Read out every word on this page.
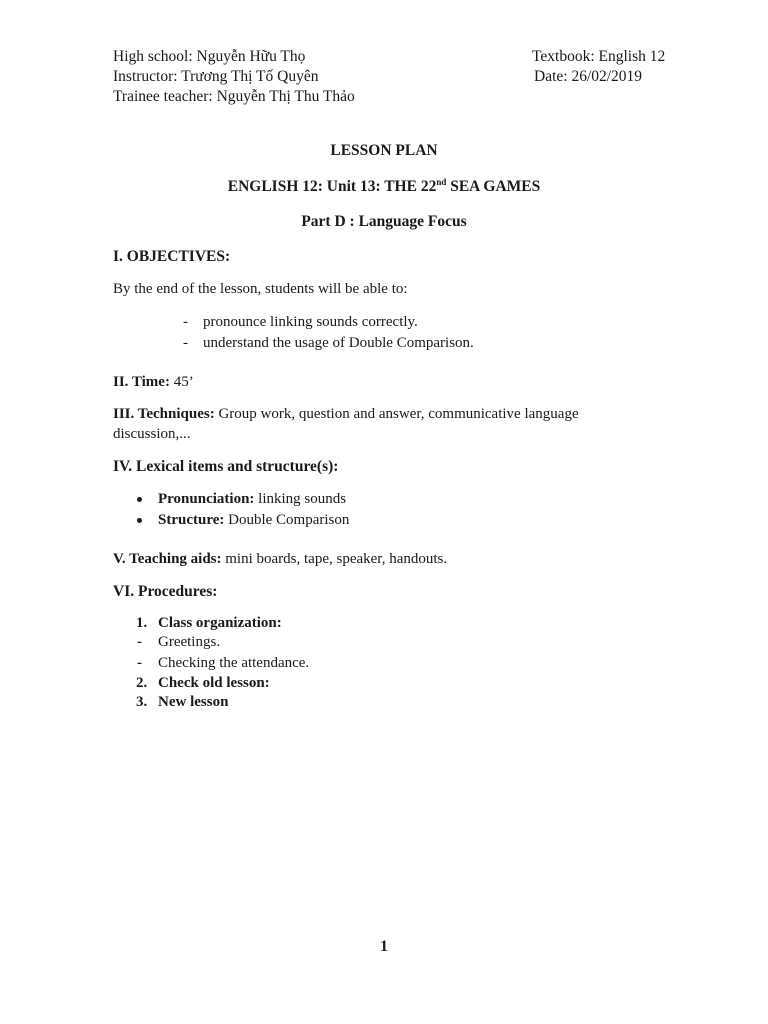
High school: Nguyễn Hữu Thọ	Textbook: English 12
Instructor: Trương Thị Tố Quyên	Date: 26/02/2019
Trainee teacher: Nguyễn Thị Thu Thảo
LESSON PLAN
ENGLISH 12: Unit 13: THE 22nd SEA GAMES
Part D : Language Focus
I. OBJECTIVES:
By the end of the lesson, students will be able to:
- pronounce linking sounds correctly.
- understand the usage of Double Comparison.
II. Time: 45’
III. Techniques: Group work, question and answer, communicative language
discussion,...
IV. Lexical items and structure(s):
Pronunciation: linking sounds
Structure: Double Comparison
V. Teaching aids: mini boards, tape, speaker, handouts.
VI. Procedures:
1. Class organization:
- Greetings.
- Checking the attendance.
2. Check old lesson:
3. New lesson
1
